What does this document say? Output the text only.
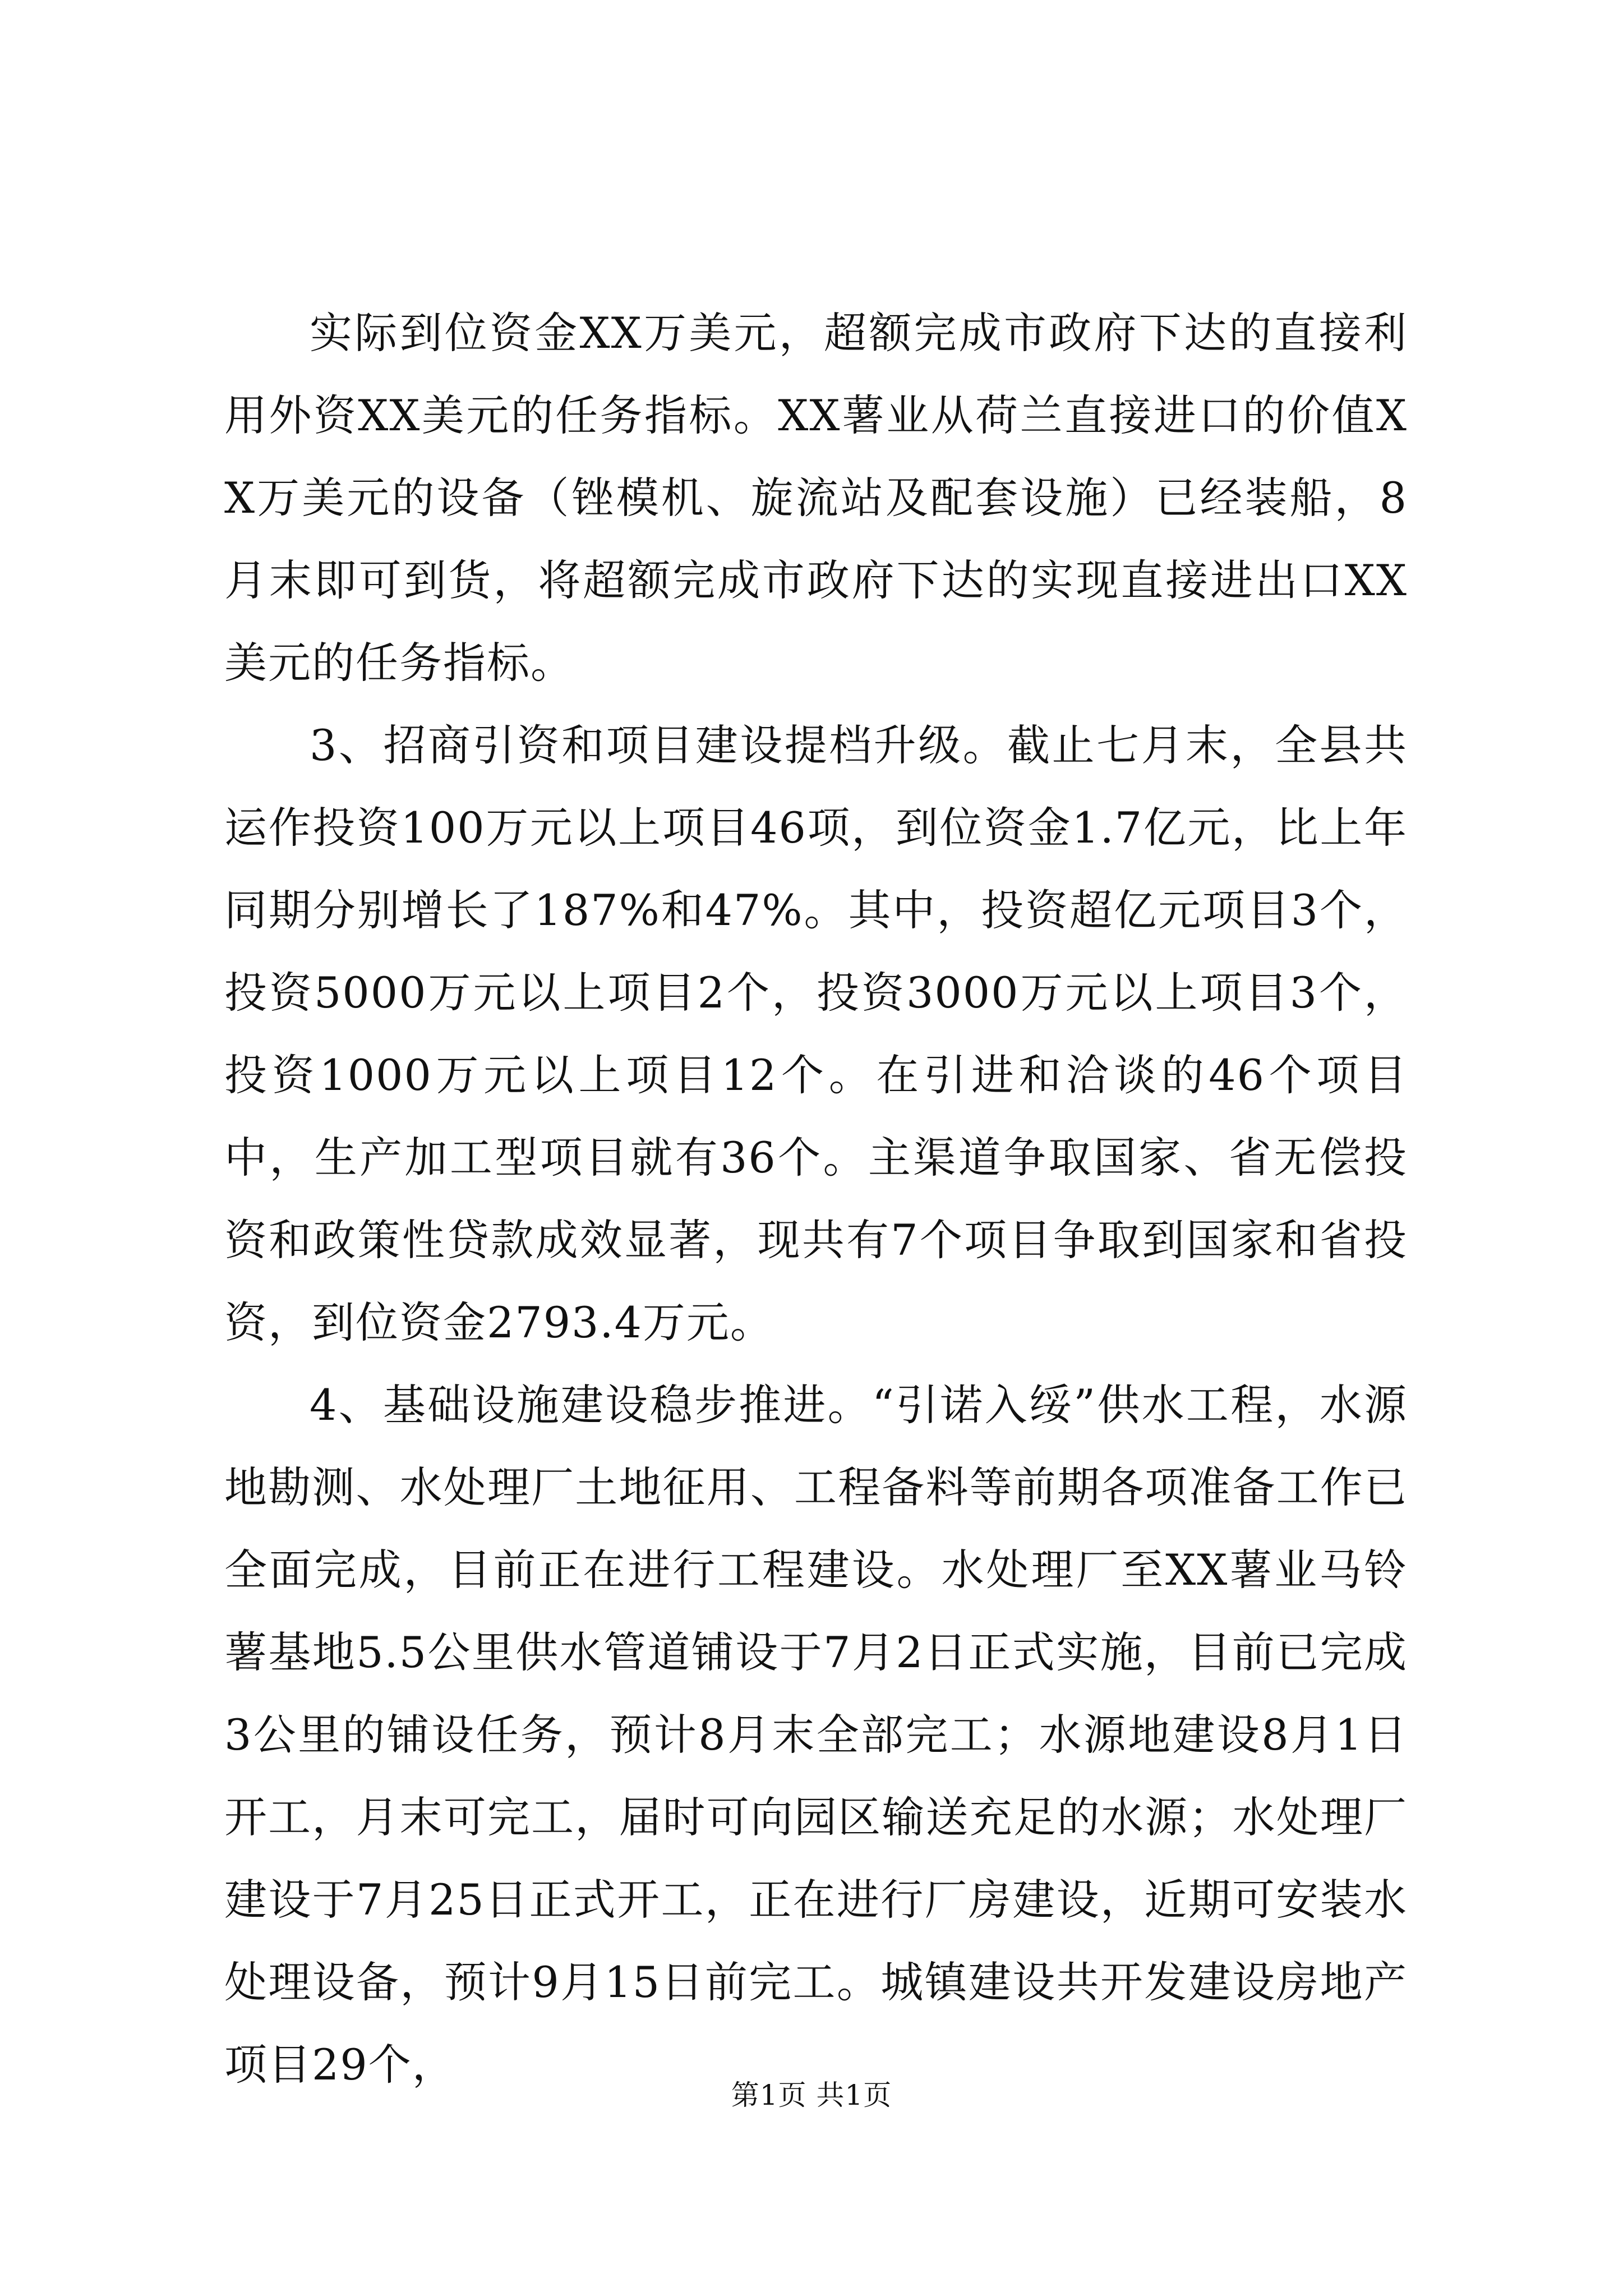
实际到位资金XX万美元，超额完成市政府下达的直接利用外资XX美元的任务指标。XX薯业从荷兰直接进口的价值XX万美元的设备（锉模机、旋流站及配套设施）已经装船，8月末即可到货，将超额完成市政府下达的实现直接进出口XX美元的任务指标。

3、招商引资和项目建设提档升级。截止七月末，全县共运作投资100万元以上项目46项，到位资金1.7亿元，比上年同期分别增长了187%和47%。其中，投资超亿元项目3个，投资5000万元以上项目2个，投资3000万元以上项目3个，投资1000万元以上项目12个。在引进和洽谈的46个项目中，生产加工型项目就有36个。主渠道争取国家、省无偿投资和政策性贷款成效显著，现共有7个项目争取到国家和省投资，到位资金2793.4万元。

4、基础设施建设稳步推进。“引诺入绥”供水工程，水源地勘测、水处理厂土地征用、工程备料等前期各项准备工作已全面完成，目前正在进行工程建设。水处理厂至XX薯业马铃薯基地5.5公里供水管道铺设于7月2日正式实施，目前已完成3公里的铺设任务，预计8月末全部完工；水源地建设8月1日开工，月末可完工，届时可向园区输送充足的水源；水处理厂建设于7月25日正式开工，正在进行厂房建设，近期可安装水处理设备，预计9月15日前完工。城镇建设共开发建设房地产项目29个，

第1页 共1页
